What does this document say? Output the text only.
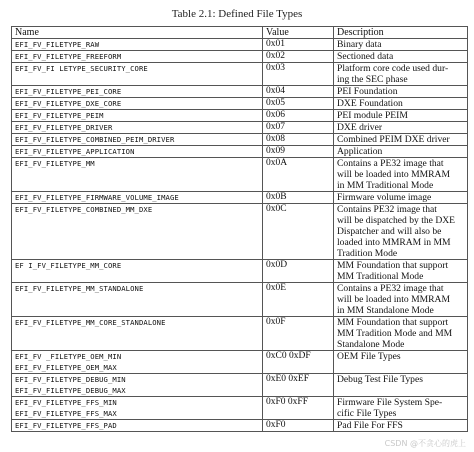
Table 2.1: Defined File Types
Name	Value	Description

EFI_FV_FILETYPE_RAW	0x01	Binary data

EFI_FV_FILETYPE_FREEFORM	0x02	Sectioned data

EFI_FV_FI LETYPE_SECURITY_CORE	0x03	Platform core code used dur-
ing the SEC phase

EFI_FV_FILETYPE_PEI_CORE	0x04	PEI Foundation

EFI_FV_FILETYPE_DXE_CORE	0x05	DXE Foundation

EFI_FV_FILETYPE_PEIM	0x06	PEI module PEIM

EFI_FV_FILETYPE_DRIVER	0x07	DXE driver

EFI_FV_FILETYPE_COMBINED_PEIM_DRIVER	0x08	Combined PEIM DXE driver

EFI_FV_FILETYPE_APPLICATION	0x09	Application

EFI_FV_FILETYPE_MM	0x0A	Contains a PE32 image that
will be loaded into MMRAM
in MM Traditional Mode

EFI_FV_FILETYPE_FIRMWARE_VOLUME_IMAGE	0x0B	Firmware volume image

EFI_FV_FILETYPE_COMBINED_MM_DXE	0x0C	Contains PE32 image that
will be dispatched by the DXE
Dispatcher and will also be
loaded into MMRAM in MM
Tradition Mode

EF I_FV_FILETYPE_MM_CORE	0x0D	MM Foundation that support
MM Traditional Mode

EFI_FV_FILETYPE_MM_STANDALONE	0x0E	Contains a PE32 image that
will be loaded into MMRAM
in MM Standalone Mode

EFI_FV_FILETYPE_MM_CORE_STANDALONE	0x0F	MM Foundation that support
MM Tradition Mode and MM
Standalone Mode

EFI_FV _FILETYPE_OEM_MIN
EFI_FV_FILETYPE_OEM_MAX	0xC0 0xDF	OEM File Types

EFI_FV_FILETYPE_DEBUG_MIN
EFI_FV_FILETYPE_DEBUG_MAX	0xE0 0xEF	Debug Test File Types

EFI_FV_FILETYPE_FFS_MIN
EFI_FV_FILETYPE_FFS_MAX	0xF0 0xFF	Firmware File System Spe-
cific File Types

EFI_FV_FILETYPE_FFS_PAD	0xF0	Pad File For FFS
CSDN @不贪心的虎上
